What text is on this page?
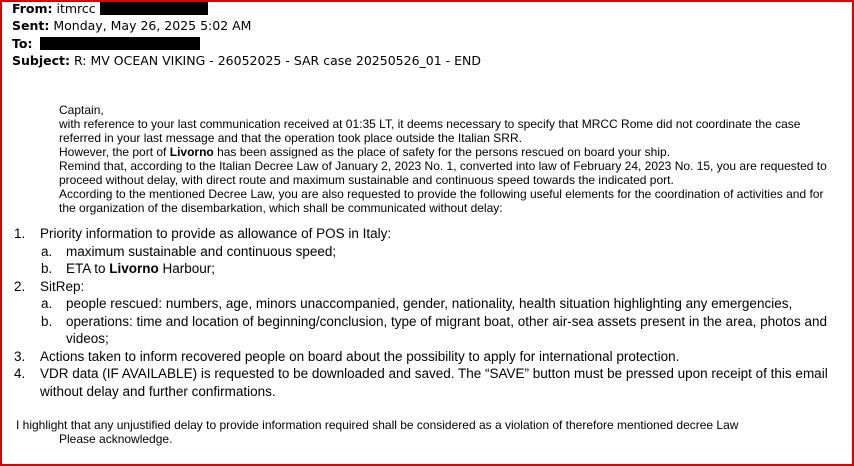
From: itmrcc
Sent: Monday, May 26, 2025 5:02 AM
To:
Subject: R: MV OCEAN VIKING - 26052025 - SAR case 20250526_01 - END

Captain,

with reference to your last communication received at 01:35 LT, it deems necessary to specify that MRCC Rome did not coordinate the case referred in your last message and that the operation took place outside the Italian SRR.

However, the port of Livorno has been assigned as the place of safety for the persons rescued on board your ship.

Remind that, according to the Italian Decree Law of January 2, 2023 No. 1, converted into law of February 24, 2023 No. 15, you are requested to proceed without delay, with direct route and maximum sustainable and continuous speed towards the indicated port.

According to the mentioned Decree Law, you are also requested to provide the following useful elements for the coordination of activities and for the organization of the disembarkation, which shall be communicated without delay:

1. Priority information to provide as allowance of POS in Italy:
a. maximum sustainable and continuous speed;
b. ETA to Livorno Harbour;
2. SitRep:
a. people rescued: numbers, age, minors unaccompanied, gender, nationality, health situation highlighting any emergencies,
b. operations: time and location of beginning/conclusion, type of migrant boat, other air-sea assets present in the area, photos and videos;
3. Actions taken to inform recovered people on board about the possibility to apply for international protection.
4. VDR data (IF AVAILABLE) is requested to be downloaded and saved. The “SAVE” button must be pressed upon receipt of this email without delay and further confirmations.
I highlight that any unjustified delay to provide information required shall be considered as a violation of therefore mentioned decree Law
Please acknowledge.
